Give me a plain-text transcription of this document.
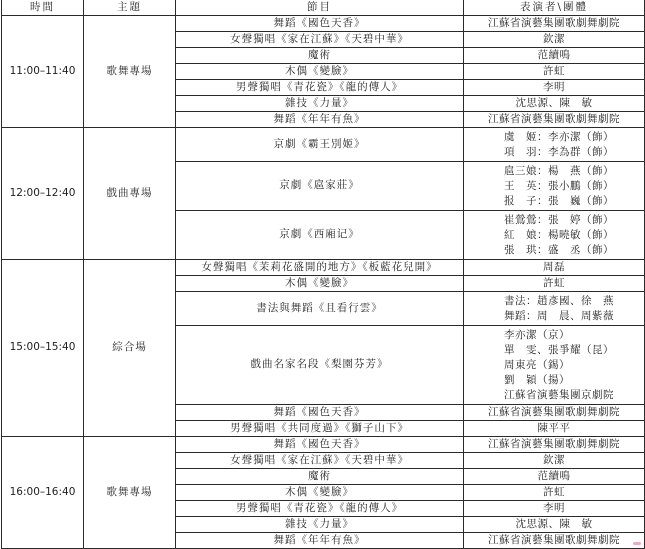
時間	主題	節目	表演者\團體
11:00–11:40	歌舞專場	舞蹈《國色天香》	江蘇省演藝集團歌劇舞劇院

		女聲獨唱《家在江蘇》《天碧中華》	欽潔

		魔術	范續鳴

		木偶《變臉》	許虹

		男聲獨唱《青花瓷》《龍的傳人》	李明

		雜技《力量》	沈思源、陳　敏

		舞蹈《年年有魚》	江蘇省演藝集團歌劇舞劇院

12:00–12:40	戲曲專場	京劇《霸王別姬》	虞　姬：李亦潔（飾）
項　羽：李為群（飾）

		京劇《扈家莊》	扈三娘：楊　燕（飾）
王　英：張小鵬（飾）
报　子：張　巍（飾）

		京劇《西廂记》	崔鶯鶯：張　婷（飾）
紅　娘：楊曉敏（飾）
張　珙：盛　丞（飾）

15:00–15:40	綜合場	女聲獨唱《茉莉花盛開的地方》《板藍花兒開》	周磊

		木偶《變臉》	許虹

		書法與舞蹈《且看行雲》	書法：趙彥國、徐　燕
舞蹈：周　晨、周紫薇

		戲曲名家名段《梨園芬芳》	李亦潔（京）
單　雯、張爭耀（昆）
周東亮（錫）
劉　穎（揚）
江蘇省演藝集團京劇院

		舞蹈《國色天香》	江蘇省演藝集團歌劇舞劇院

		男聲獨唱《共同度過》《獅子山下》	陳平平

16:00–16:40	歌舞專場	舞蹈《國色天香》	江蘇省演藝集團歌劇舞劇院

		女聲獨唱《家在江蘇》《天碧中華》	欽潔

		魔術	范續鳴

		木偶《變臉》	許虹

		男聲獨唱《青花瓷》《龍的傳人》	李明

		雜技《力量》	沈思源、陳　敏

		舞蹈《年年有魚》	江蘇省演藝集團歌劇舞劇院
